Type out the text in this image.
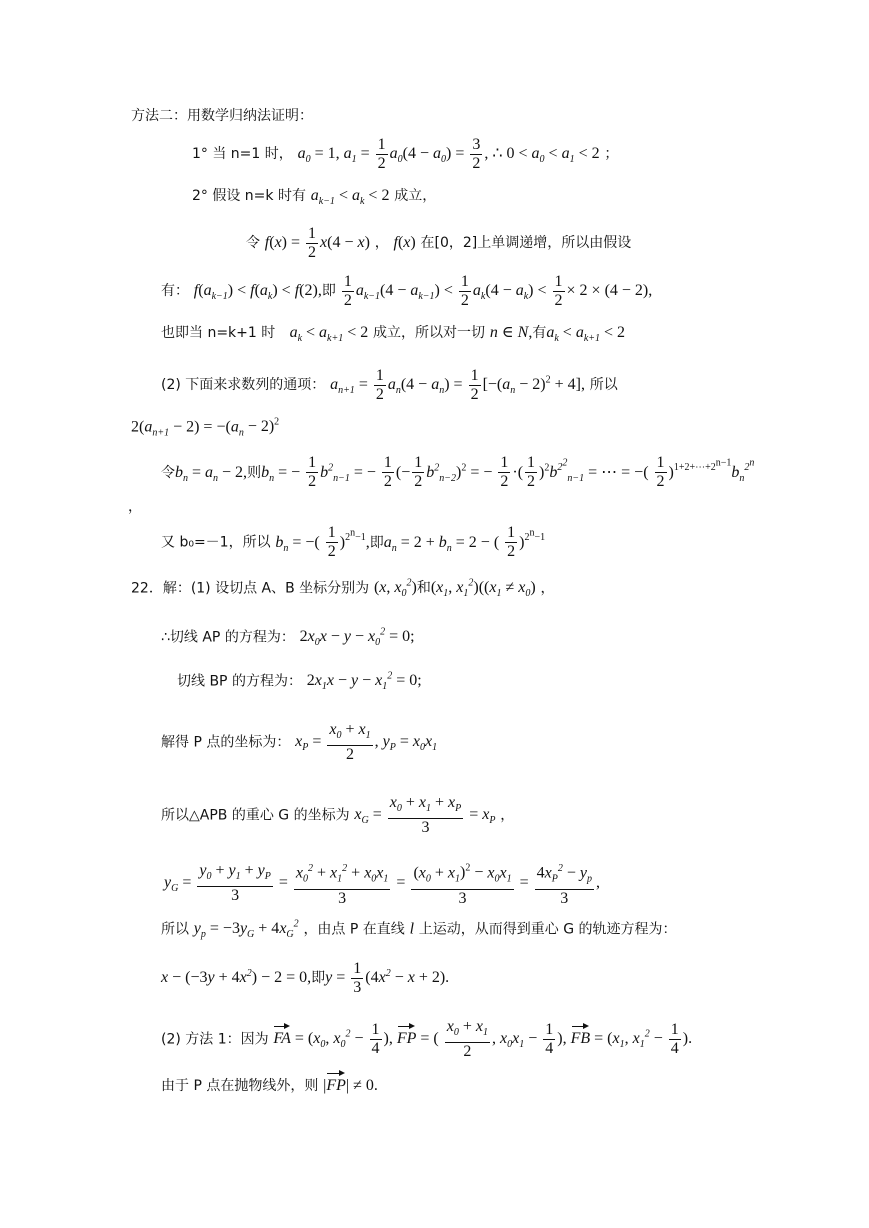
方法二：用数学归纳法证明：
1° 当 n=1 时， $a_0 = 1$, $a_1 = \frac{1}{2} a_0(4 - a_0) = \frac{3}{2}$ , ∴ $0 < a_0 < a_1 < 2$ ；
2° 假设 n=k 时有 $a_{k-1} < a_k < 2$ 成立，
令 $f(x) = \frac{1}{2} x(4 - x)$ ， f(x) 在[0，2]上单调递增，所以由假设
有： $f(a_{k-1}) < f(a_k) < f(2)$,即 $\frac{1}{2} a_{k-1}(4 - a_{k-1}) < \frac{1}{2} a_k(4 - a_k) < \frac{1}{2} \times 2 \times (4 - 2)$,
也即当 n=k+1 时 $a_k < a_{k+1} < 2$ 成立，所以对一切 n ∈ N,有$a_k < a_{k+1} < 2$
(2) 下面来求数列的通项： $a_{n+1} = \frac{1}{2} a_n(4 - a_n) = \frac{1}{2} [-(a_n - 2)^2 + 4]$, 所以
$2(a_{n+1} - 2) = -(a_n - 2)^2$
令$b_n = a_n - 2$,则$b_n$ = − $\frac{1}{2} b^2_{n-1}$ = − $\frac{1}{2}$ (− $\frac{1}{2} b^2_{n-2})^2$ = − $\frac{1}{2}$ ·( $\frac{1}{2} )^2b^{2^2}_{n-1}$ = ⋯ = −( $\frac{1}{2} )^{1+2+\cdots+2^{n-1}}b_n^{2^n}$
，
又 b₀=－1，所以 $b_n$ = −( $\frac{1}{2} )^{2^n-1}$,即$a_n = 2 + b_n = 2$ − ( $\frac{1}{2} )^{2^n-1}$
22．解：(1) 设切点 A、B 坐标分别为 (x, $x_0^2$)和($x_1$, $x_1^2)((x_1 \ne x_0)$ ，
∴切线 AP 的方程为： $2x_0x - y - x_0^2 = 0$;
切线 BP 的方程为： $2x_1x - y - x_1^2 = 0$;
解得 P 点的坐标为： $x_P = \frac{x_0 + x_1}{2}$ , $y_P = x_0x_1$
所以△APB 的重心 G 的坐标为 $x_G = \frac{x_0 + x_1 + x_P}{3} = x_P$ ，
$y_G = \frac{y_0 + y_1 + y_P}{3} = \frac{x_0^2 + x_1^2 + x_0x_1}{3} = \frac{(x_0 + x_1)^2 - x_0x_1}{3} = \frac{4x_P^2 - y_p}{3}$ ,
所以 $y_p = -3y_G + 4x_G^2$ ，由点 P 在直线 l 上运动，从而得到重心 G 的轨迹方程为：
$x - (-3y + 4x^2) - 2 = 0$,即$y = \frac{1}{3} (4x^2 - x + 2)$.
(2) 方法 1：因为 FA = ($x_0$, $x_0^2 - \frac{1}{4}$ ), FP = ( $\frac{x_0 + x_1}{2}$ , $x_0x_1 - \frac{1}{4}$ ), FB = ($x_1$, $x_1^2 - \frac{1}{4}$ ).
由于 P 点在抛物线外，则 |FP| ≠ 0.
